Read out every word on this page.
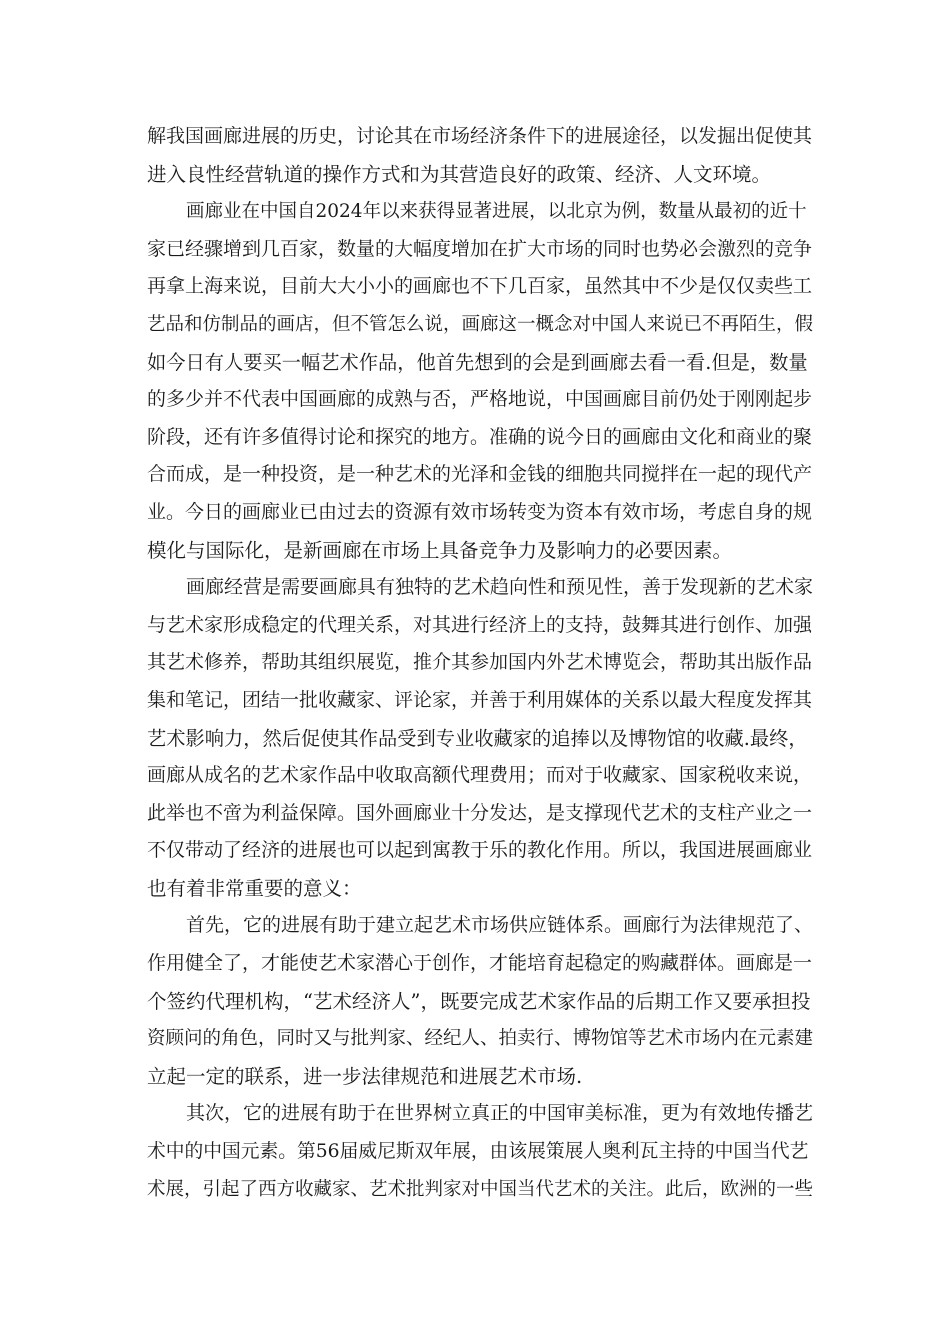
解我国画廊进展的历史，讨论其在市场经济条件下的进展途径，以发掘出促使其
进入良性经营轨道的操作方式和为其营造良好的政策、经济、人文环境。
画廊业在中国自2024年以来获得显著进展，以北京为例，数量从最初的近十
家已经骤增到几百家，数量的大幅度增加在扩大市场的同时也势必会激烈的竞争
再拿上海来说，目前大大小小的画廊也不下几百家，虽然其中不少是仅仅卖些工
艺品和仿制品的画店，但不管怎么说，画廊这一概念对中国人来说已不再陌生，假
如今日有人要买一幅艺术作品，他首先想到的会是到画廊去看一看.但是，数量
的多少并不代表中国画廊的成熟与否，严格地说，中国画廊目前仍处于刚刚起步
阶段，还有许多值得讨论和探究的地方。准确的说今日的画廊由文化和商业的聚
合而成，是一种投资，是一种艺术的光泽和金钱的细胞共同搅拌在一起的现代产
业。今日的画廊业已由过去的资源有效市场转变为资本有效市场，考虑自身的规
模化与国际化，是新画廊在市场上具备竞争力及影响力的必要因素。
画廊经营是需要画廊具有独特的艺术趋向性和预见性，善于发现新的艺术家
与艺术家形成稳定的代理关系，对其进行经济上的支持，鼓舞其进行创作、加强
其艺术修养，帮助其组织展览，推介其参加国内外艺术博览会，帮助其出版作品
集和笔记，团结一批收藏家、评论家，并善于利用媒体的关系以最大程度发挥其
艺术影响力，然后促使其作品受到专业收藏家的追捧以及博物馆的收藏.最终，
画廊从成名的艺术家作品中收取高额代理费用；而对于收藏家、国家税收来说，
此举也不啻为利益保障。国外画廊业十分发达，是支撑现代艺术的支柱产业之一
不仅带动了经济的进展也可以起到寓教于乐的教化作用。所以，我国进展画廊业
也有着非常重要的意义：
首先，它的进展有助于建立起艺术市场供应链体系。画廊行为法律规范了、
作用健全了，才能使艺术家潜心于创作，才能培育起稳定的购藏群体。画廊是一
个签约代理机构，“艺术经济人”，既要完成艺术家作品的后期工作又要承担投
资顾问的角色，同时又与批判家、经纪人、拍卖行、博物馆等艺术市场内在元素建
立起一定的联系，进一步法律规范和进展艺术市场.
其次，它的进展有助于在世界树立真正的中国审美标准，更为有效地传播艺
术中的中国元素。第56届威尼斯双年展，由该展策展人奥利瓦主持的中国当代艺
术展，引起了西方收藏家、艺术批判家对中国当代艺术的关注。此后，欧洲的一些
